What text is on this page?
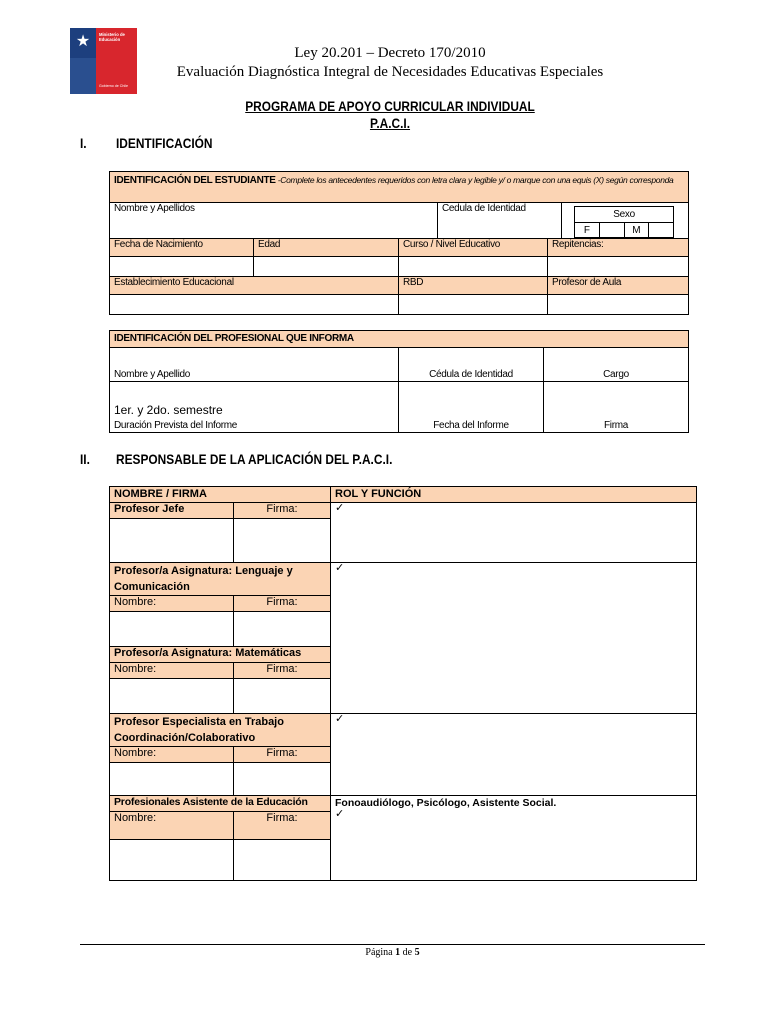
★	Ministerio de
Educación
Gobierno de Chile
Ley 20.201 – Decreto 170/2010
Evaluación Diagnóstica Integral de Necesidades Educativas Especiales
PROGRAMA DE APOYO CURRICULAR INDIVIDUAL
P.A.C.I.
I. IDENTIFICACIÓN
IDENTIFICACIÓN DEL ESTUDIANTE -Complete los antecedentes requeridos con letra clara y legible y/ o marque con una equis (X) según corresponda					
Nombre y Apellidos			Cedula de Identidad		Sexo
F M

Fecha de Nacimiento	Edad	Curso / Nivel Educativo		Repitencias:	

Establecimiento Educacional		RBD		Profesor de Aula	

IDENTIFICACIÓN DEL PROFESIONAL QUE INFORMA		
Nombre y Apellido	Cédula de Identidad	Cargo

1er. y 2do. semestre
Duración Prevista del Informe	Fecha del Informe	Firma
II. RESPONSABLE DE LA APLICACIÓN DEL P.A.C.I.
NOMBRE / FIRMA		ROL Y FUNCIÓN
Profesor Jefe	Firma:	✓

Profesor/a Asignatura: Lenguaje y Comunicación		✓
Nombre:	Firma:	

Profesor/a Asignatura: Matemáticas		
Nombre:	Firma:	

Profesor Especialista en Trabajo Coordinación/Colaborativo		✓
Nombre:	Firma:	

Profesionales Asistente de la Educación		Fonoaudiólogo, Psicólogo, Asistente Social.
✓
Nombre:	Firma:	

Página 1 de 5
